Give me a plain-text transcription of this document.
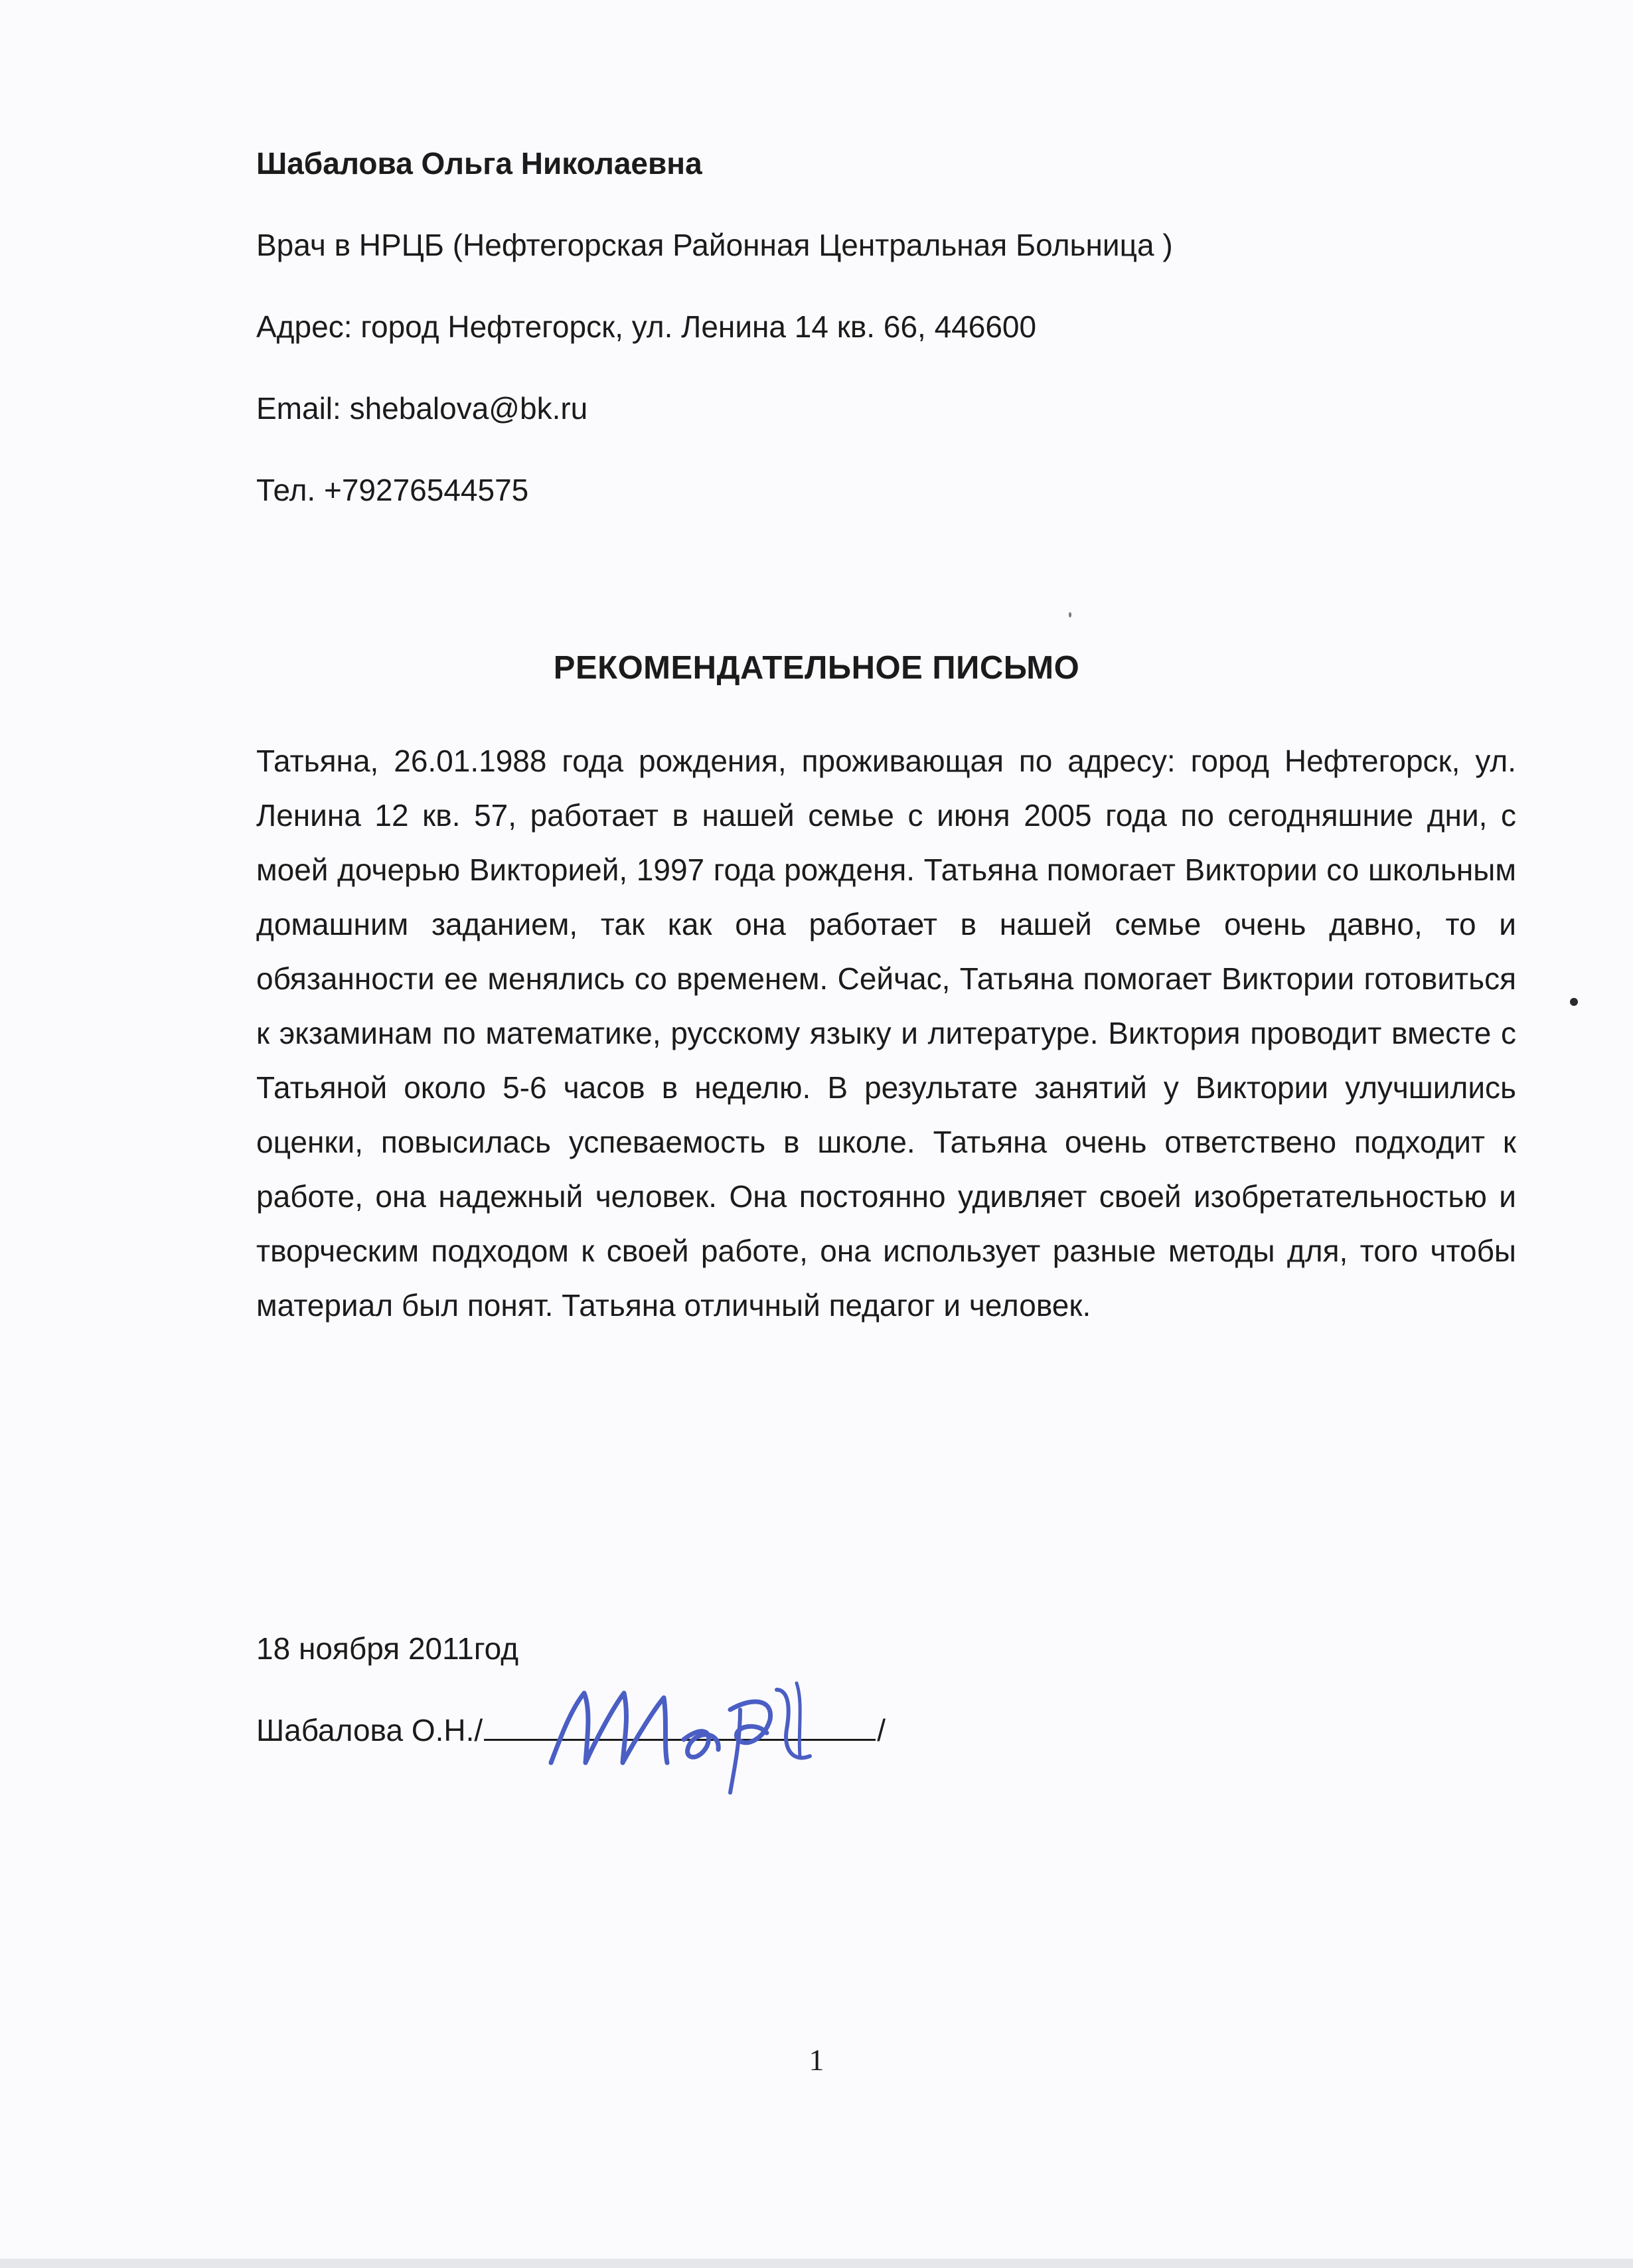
Шабалова Ольга Николаевна

Врач в НРЦБ (Нефтегорская Районная Центральная Больница )

Адрес: город Нефтегорск, ул. Ленина 14 кв. 66, 446600

Email: shebalova@bk.ru

Тел. +79276544575

РЕКОМЕНДАТЕЛЬНОЕ ПИСЬМО

Татьяна, 26.01.1988 года рождения, проживающая по адресу: город Нефтегорск, ул. Ленина 12 кв. 57, работает в нашей семье с июня 2005 года по сегодняшние дни, с моей дочерью Викторией, 1997 года рожденя. Татьяна помогает Виктории со школьным домашним заданием, так как она работает в нашей семье очень давно, то и обязанности ее менялись со временем. Сейчас, Татьяна помогает Виктории готовиться к экзаминам по математике, русскому языку и литературе. Виктория проводит вместе с Татьяной около 5-6 часов в неделю. В результате занятий у Виктории улучшились оценки, повысилась успеваемость в школе. Татьяна очень ответствено подходит к работе, она надежный человек. Она постоянно удивляет своей изобретательностью и творческим подходом к своей работе, она использует разные методы для, того чтобы материал был понят. Татьяна отличный педагог и человек.

18 ноября 2011год

Шабалова О.Н./	/

1
